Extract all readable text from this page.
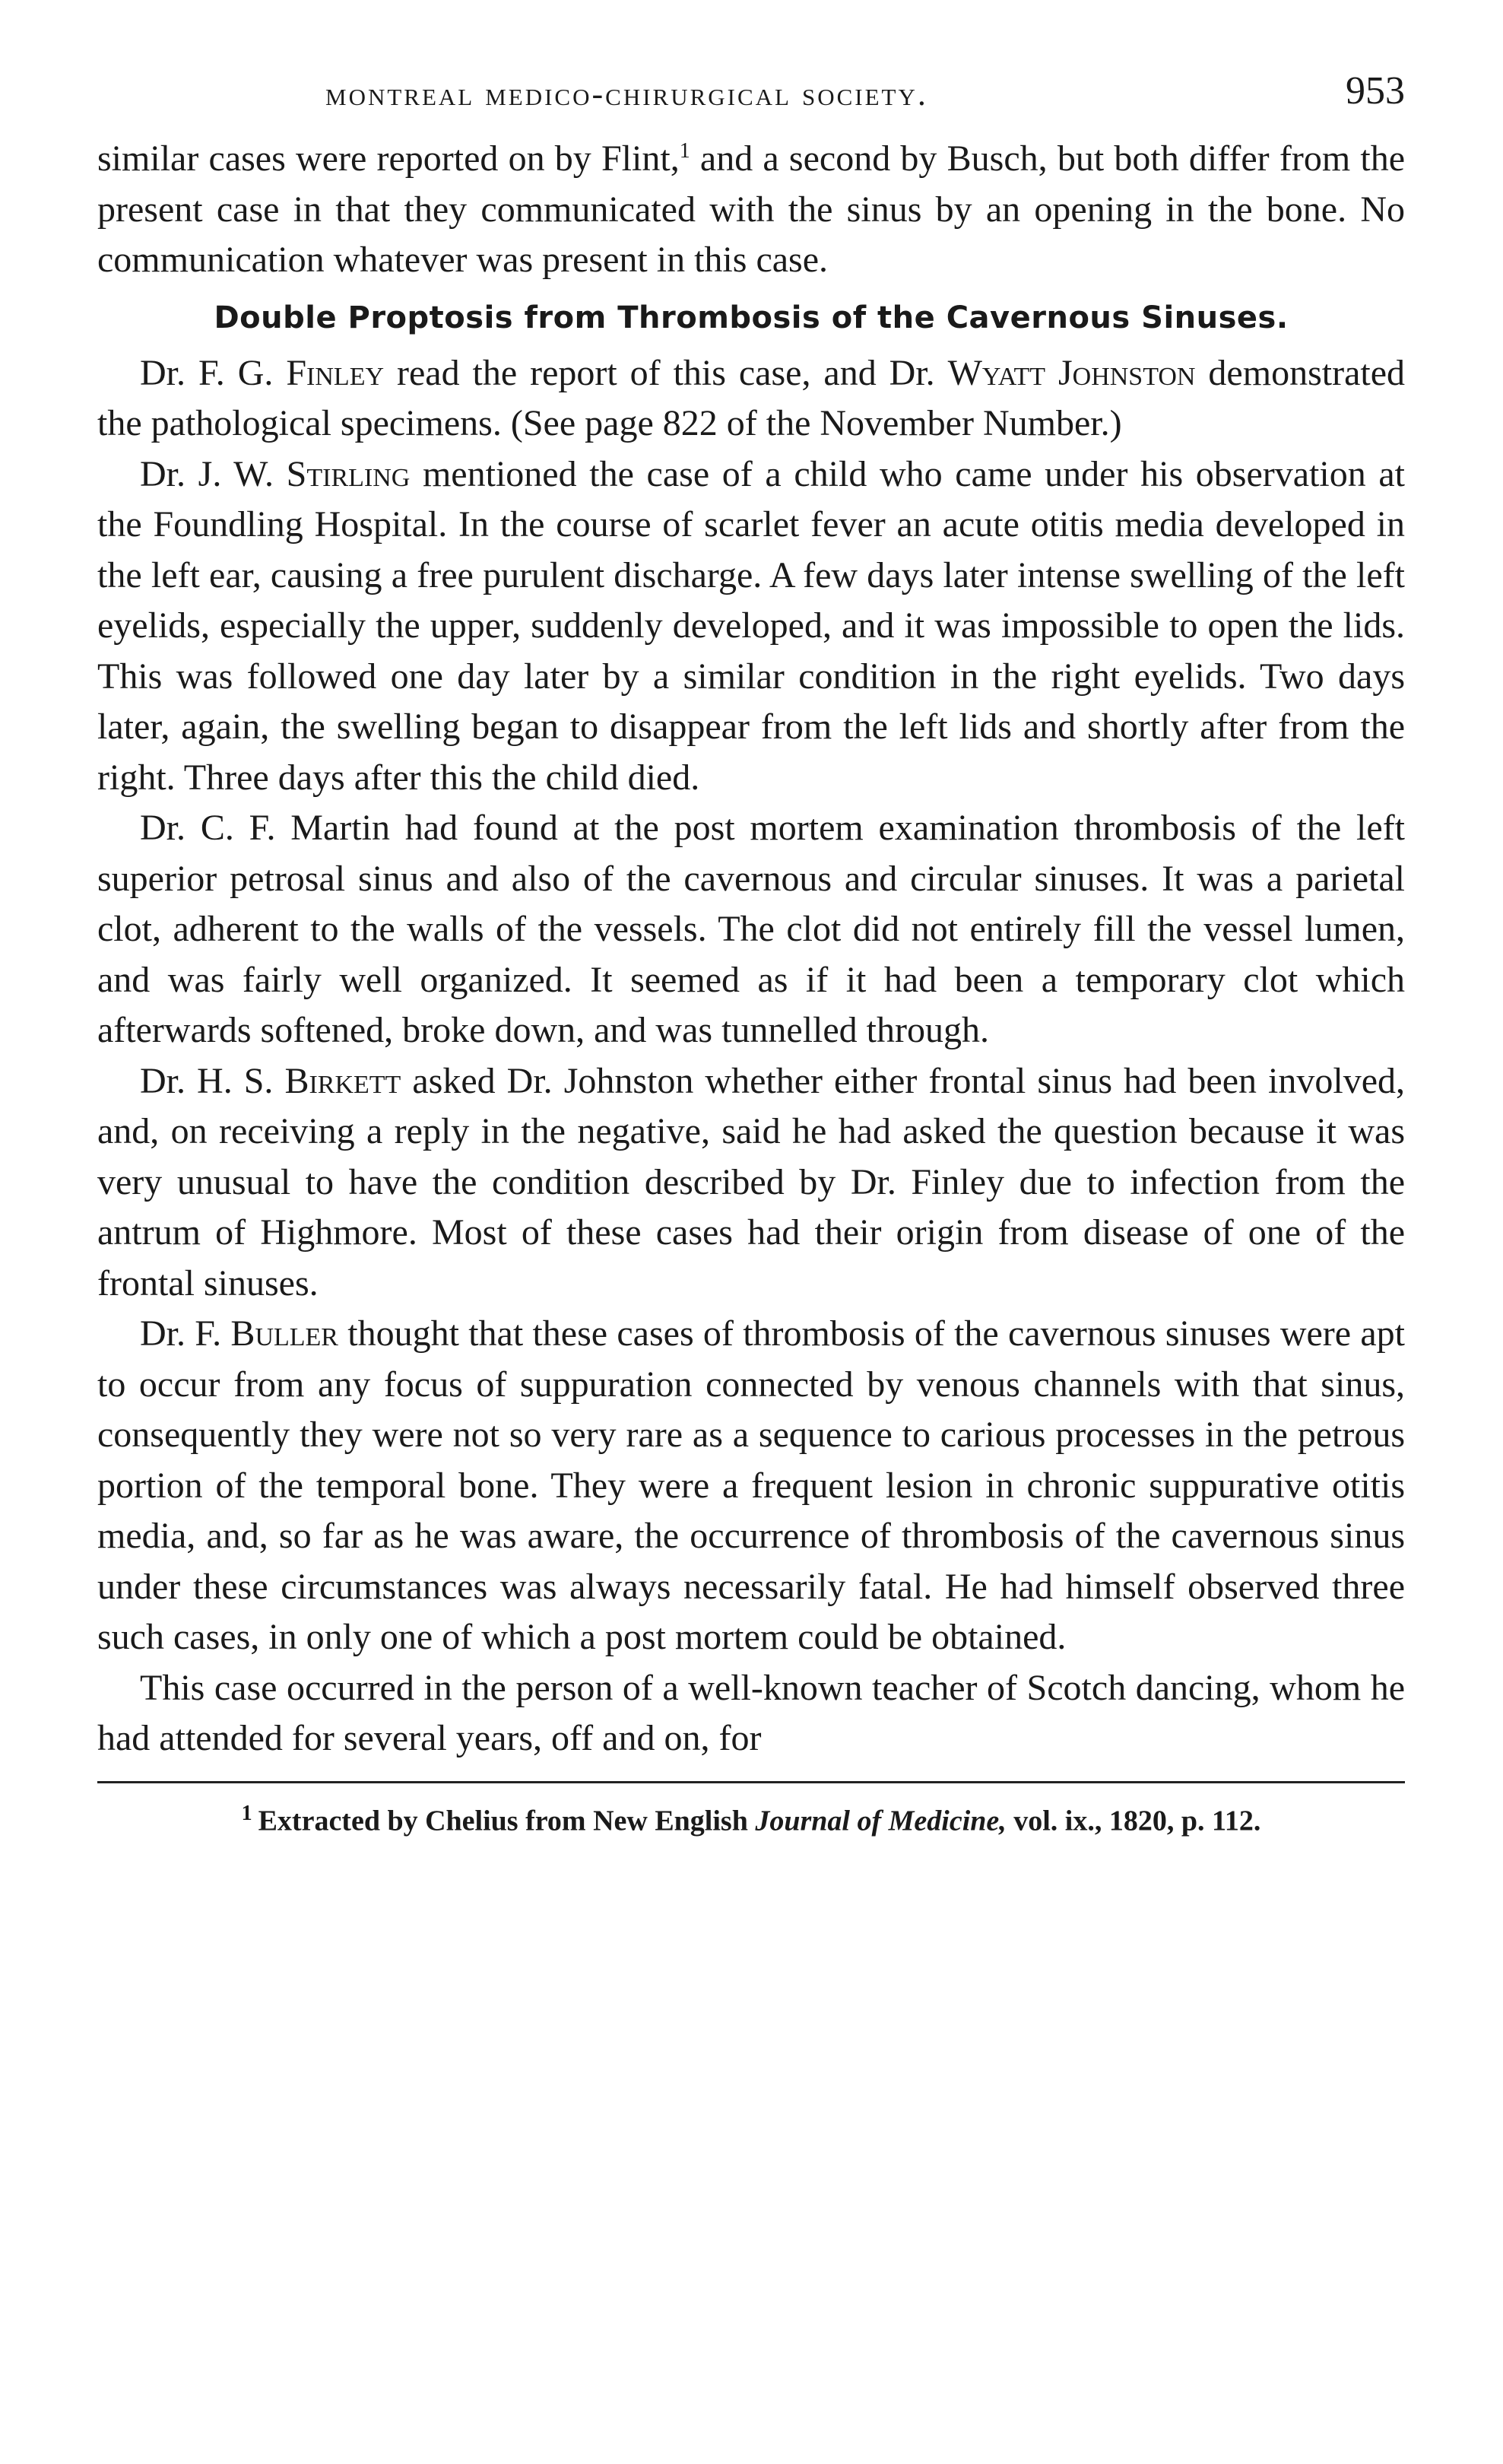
montreal medico-chirurgical society.	953

similar cases were reported on by Flint,$^1$ and a second by Busch, but both differ from the present case in that they communicated with the sinus by an opening in the bone. No communication whatever was present in this case.

Double Proptosis from Thrombosis of the Cavernous Sinuses.

Dr. F. G. Finley read the report of this case, and Dr. Wyatt Johnston demonstrated the pathological specimens. (See page 822 of the November Number.)

Dr. J. W. Stirling mentioned the case of a child who came under his observation at the Foundling Hospital. In the course of scarlet fever an acute otitis media developed in the left ear, causing a free purulent discharge. A few days later intense swelling of the left eyelids, especially the upper, suddenly developed, and it was impossible to open the lids. This was followed one day later by a similar condition in the right eyelids. Two days later, again, the swelling began to disappear from the left lids and shortly after from the right. Three days after this the child died.

Dr. C. F. Martin had found at the post mortem examination thrombosis of the left superior petrosal sinus and also of the cavernous and circular sinuses. It was a parietal clot, adherent to the walls of the vessels. The clot did not entirely fill the vessel lumen, and was fairly well organized. It seemed as if it had been a temporary clot which afterwards softened, broke down, and was tunnelled through.

Dr. H. S. Birkett asked Dr. Johnston whether either frontal sinus had been involved, and, on receiving a reply in the negative, said he had asked the question because it was very unusual to have the condition described by Dr. Finley due to infection from the antrum of Highmore. Most of these cases had their origin from disease of one of the frontal sinuses.

Dr. F. Buller thought that these cases of thrombosis of the cavernous sinuses were apt to occur from any focus of suppuration connected by venous channels with that sinus, consequently they were not so very rare as a sequence to carious processes in the petrous portion of the temporal bone. They were a frequent lesion in chronic suppurative otitis media, and, so far as he was aware, the occurrence of thrombosis of the cavernous sinus under these circumstances was always necessarily fatal. He had himself observed three such cases, in only one of which a post mortem could be obtained.

This case occurred in the person of a well-known teacher of Scotch dancing, whom he had attended for several years, off and on, for

$^1$ Extracted by Chelius from New English Journal of Medicine, vol. ix., 1820, p. 112.
